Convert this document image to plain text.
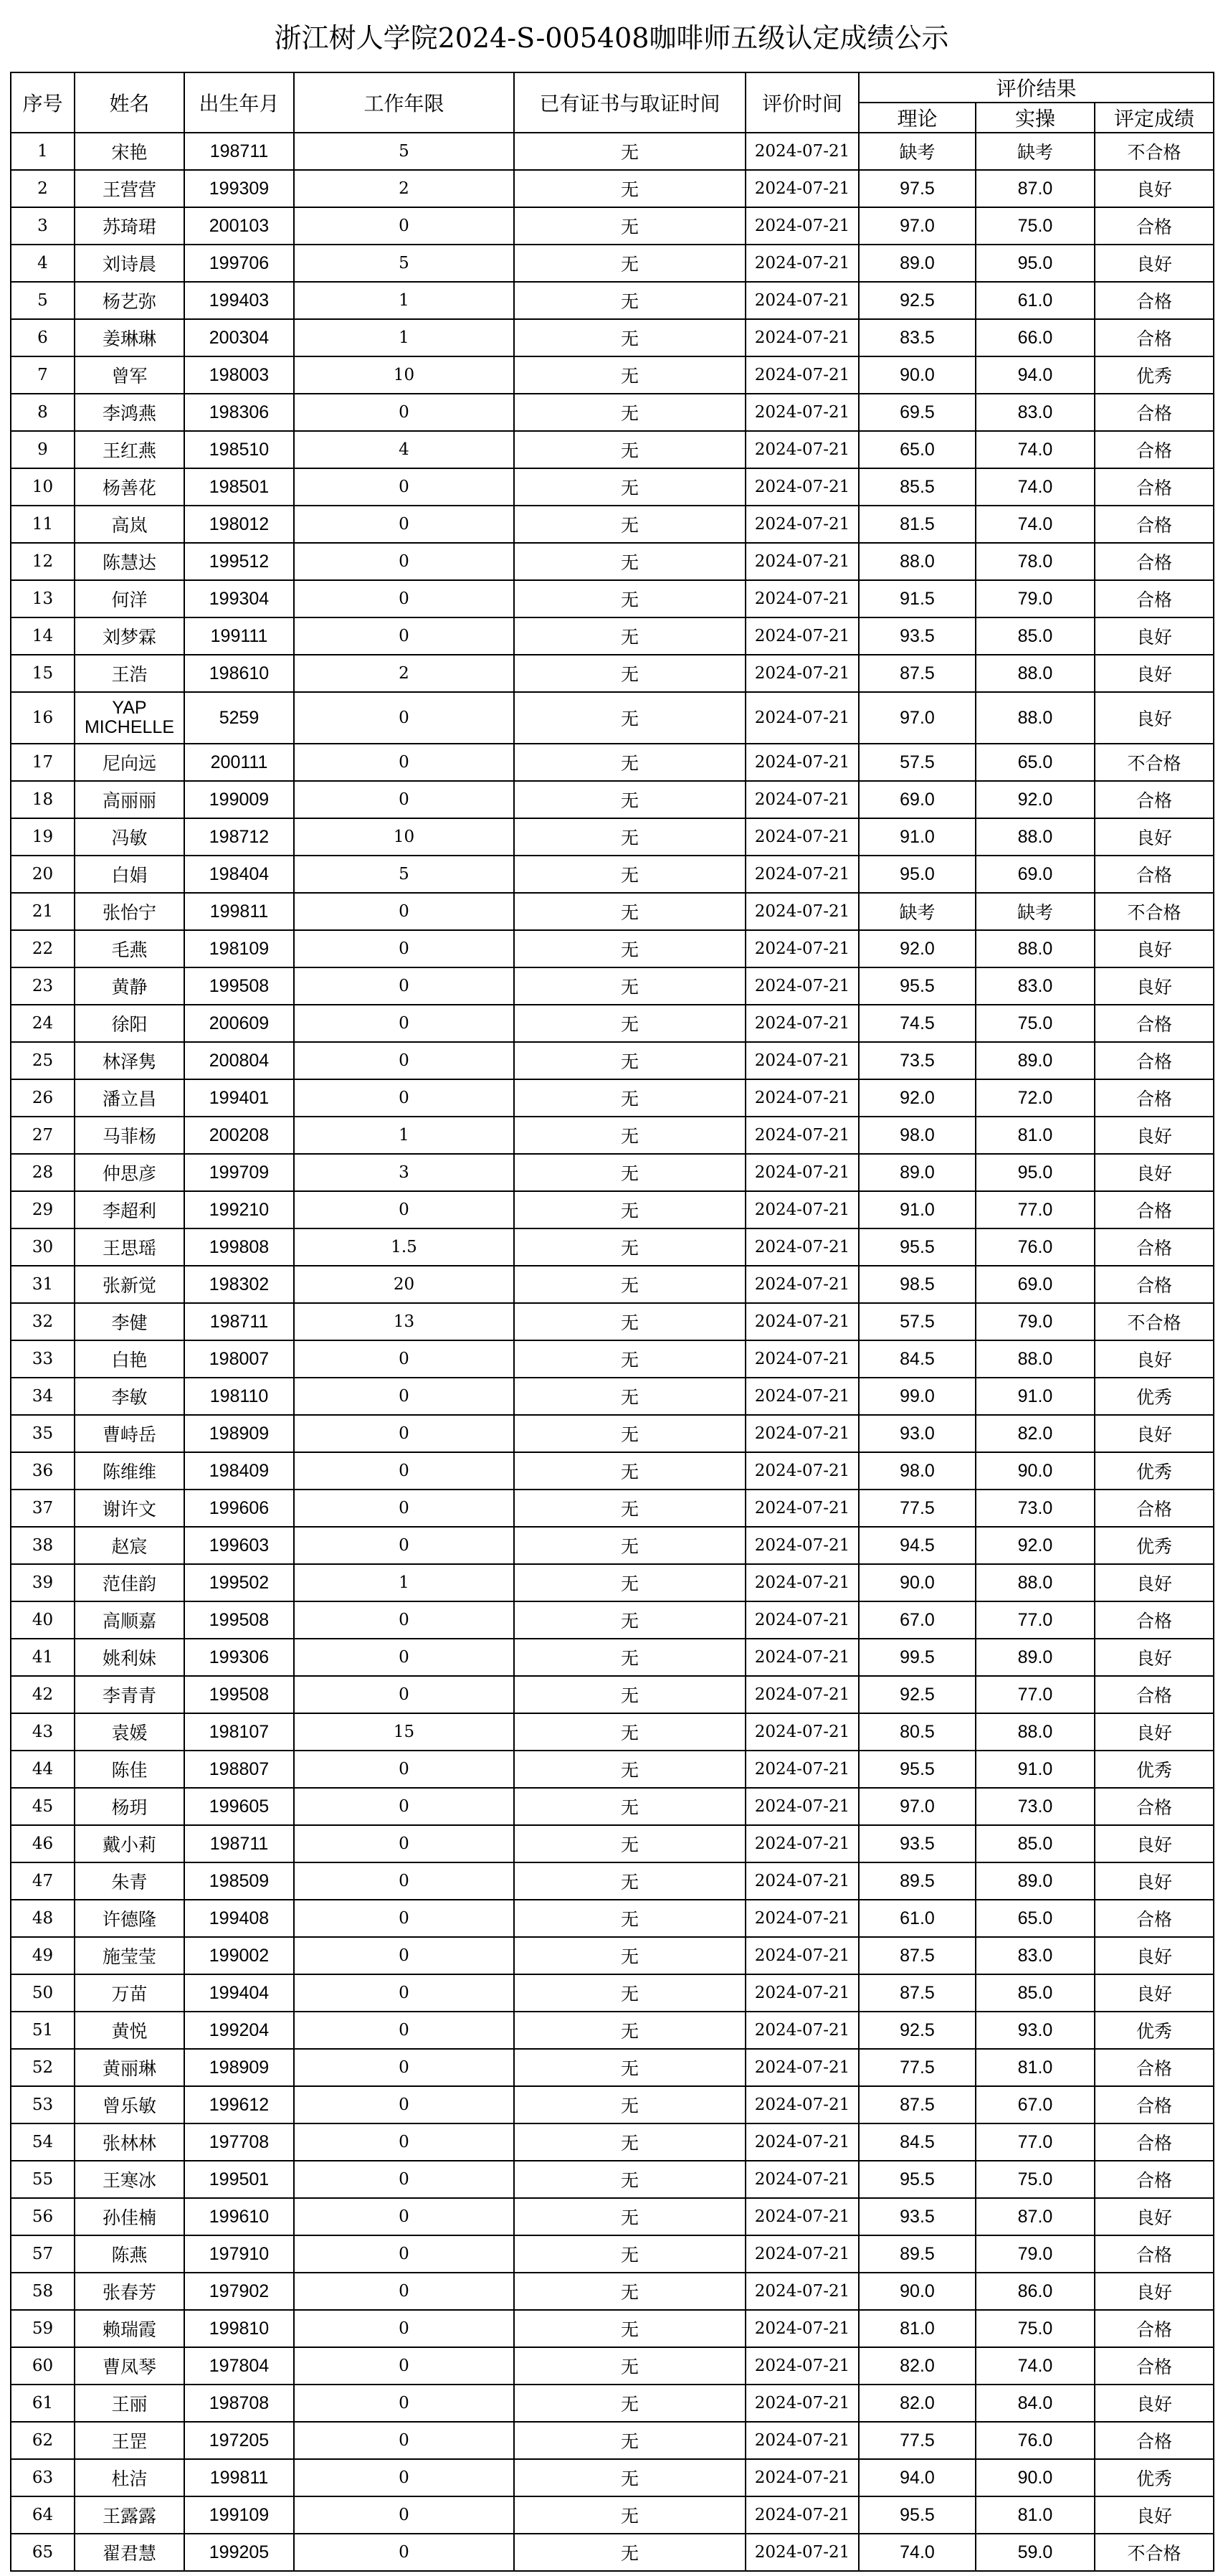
浙江树人学院2024-S-005408咖啡师五级认定成绩公示
序号	姓名	出生年月	工作年限	已有证书与取证时间	评价时间	评价结果		
						理论	实操	评定成绩
1	宋艳	198711	5	无	2024-07-21	缺考	缺考	不合格
2	王营营	199309	2	无	2024-07-21	97.5	87.0	良好
3	苏琦珺	200103	0	无	2024-07-21	97.0	75.0	合格
4	刘诗晨	199706	5	无	2024-07-21	89.0	95.0	良好
5	杨艺弥	199403	1	无	2024-07-21	92.5	61.0	合格
6	姜琳琳	200304	1	无	2024-07-21	83.5	66.0	合格
7	曾军	198003	10	无	2024-07-21	90.0	94.0	优秀
8	李鸿燕	198306	0	无	2024-07-21	69.5	83.0	合格
9	王红燕	198510	4	无	2024-07-21	65.0	74.0	合格
10	杨善花	198501	0	无	2024-07-21	85.5	74.0	合格
11	高岚	198012	0	无	2024-07-21	81.5	74.0	合格
12	陈慧达	199512	0	无	2024-07-21	88.0	78.0	合格
13	何洋	199304	0	无	2024-07-21	91.5	79.0	合格
14	刘梦霖	199111	0	无	2024-07-21	93.5	85.0	良好
15	王浩	198610	2	无	2024-07-21	87.5	88.0	良好
16	YAP MICHELLE	5259	0	无	2024-07-21	97.0	88.0	良好
17	尼向远	200111	0	无	2024-07-21	57.5	65.0	不合格
18	高丽丽	199009	0	无	2024-07-21	69.0	92.0	合格
19	冯敏	198712	10	无	2024-07-21	91.0	88.0	良好
20	白娟	198404	5	无	2024-07-21	95.0	69.0	合格
21	张怡宁	199811	0	无	2024-07-21	缺考	缺考	不合格
22	毛燕	198109	0	无	2024-07-21	92.0	88.0	良好
23	黄静	199508	0	无	2024-07-21	95.5	83.0	良好
24	徐阳	200609	0	无	2024-07-21	74.5	75.0	合格
25	林泽隽	200804	0	无	2024-07-21	73.5	89.0	合格
26	潘立昌	199401	0	无	2024-07-21	92.0	72.0	合格
27	马菲杨	200208	1	无	2024-07-21	98.0	81.0	良好
28	仲思彦	199709	3	无	2024-07-21	89.0	95.0	良好
29	李超利	199210	0	无	2024-07-21	91.0	77.0	合格
30	王思瑶	199808	1.5	无	2024-07-21	95.5	76.0	合格
31	张新觉	198302	20	无	2024-07-21	98.5	69.0	合格
32	李健	198711	13	无	2024-07-21	57.5	79.0	不合格
33	白艳	198007	0	无	2024-07-21	84.5	88.0	良好
34	李敏	198110	0	无	2024-07-21	99.0	91.0	优秀
35	曹峙岳	198909	0	无	2024-07-21	93.0	82.0	良好
36	陈维维	198409	0	无	2024-07-21	98.0	90.0	优秀
37	谢许文	199606	0	无	2024-07-21	77.5	73.0	合格
38	赵宸	199603	0	无	2024-07-21	94.5	92.0	优秀
39	范佳韵	199502	1	无	2024-07-21	90.0	88.0	良好
40	高顺嘉	199508	0	无	2024-07-21	67.0	77.0	合格
41	姚利妹	199306	0	无	2024-07-21	99.5	89.0	良好
42	李青青	199508	0	无	2024-07-21	92.5	77.0	合格
43	袁媛	198107	15	无	2024-07-21	80.5	88.0	良好
44	陈佳	198807	0	无	2024-07-21	95.5	91.0	优秀
45	杨玥	199605	0	无	2024-07-21	97.0	73.0	合格
46	戴小莉	198711	0	无	2024-07-21	93.5	85.0	良好
47	朱青	198509	0	无	2024-07-21	89.5	89.0	良好
48	许德隆	199408	0	无	2024-07-21	61.0	65.0	合格
49	施莹莹	199002	0	无	2024-07-21	87.5	83.0	良好
50	万苗	199404	0	无	2024-07-21	87.5	85.0	良好
51	黄悦	199204	0	无	2024-07-21	92.5	93.0	优秀
52	黄丽琳	198909	0	无	2024-07-21	77.5	81.0	合格
53	曾乐敏	199612	0	无	2024-07-21	87.5	67.0	合格
54	张林林	197708	0	无	2024-07-21	84.5	77.0	合格
55	王寒冰	199501	0	无	2024-07-21	95.5	75.0	合格
56	孙佳楠	199610	0	无	2024-07-21	93.5	87.0	良好
57	陈燕	197910	0	无	2024-07-21	89.5	79.0	合格
58	张春芳	197902	0	无	2024-07-21	90.0	86.0	良好
59	赖瑞霞	199810	0	无	2024-07-21	81.0	75.0	合格
60	曹凤琴	197804	0	无	2024-07-21	82.0	74.0	合格
61	王丽	198708	0	无	2024-07-21	82.0	84.0	良好
62	王罡	197205	0	无	2024-07-21	77.5	76.0	合格
63	杜洁	199811	0	无	2024-07-21	94.0	90.0	优秀
64	王露露	199109	0	无	2024-07-21	95.5	81.0	良好
65	翟君慧	199205	0	无	2024-07-21	74.0	59.0	不合格
